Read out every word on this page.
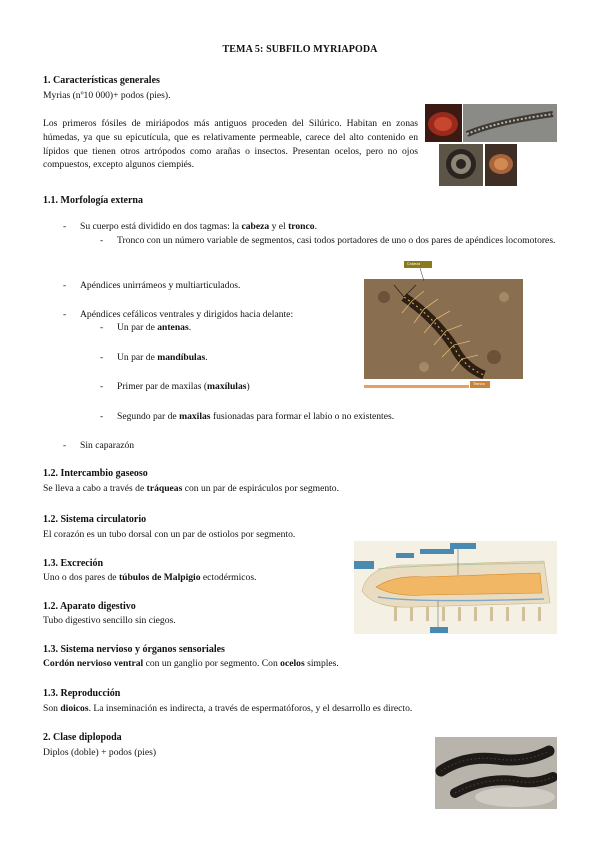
TEMA 5: SUBFILO MYRIAPODA
1. Características generales
Myrias (nº10 000)+ podos (pies).
Los primeros fósiles de miriápodos más antiguos proceden del Silúrico. Habitan en zonas húmedas, ya que su epicutícula, que es relativamente permeable, carece del alto contenido en lípidos que tienen otros artrópodos como arañas o insectos. Presentan ocelos, pero no ojos compuestos, excepto algunos ciempiés.
1.1. Morfología externa
- Su cuerpo está dividido en dos tagmas: la cabeza y el tronco.
- Tronco con un número variable de segmentos, casi todos portadores de uno o dos pares de apéndices locomotores.
- Apéndices unirrámeos y multiarticulados.
- Apéndices cefálicos ventrales y dirigidos hacia delante:
- Un par de antenas.
- Un par de mandíbulas.
- Primer par de maxilas (maxílulas)
- Segundo par de maxilas fusionadas para formar el labio o no existentes.
- Sin caparazón
Cabeza
Tronco
1.2. Intercambio gaseoso
Se lleva a cabo a través de tráqueas con un par de espiráculos por segmento.
1.2. Sistema circulatorio
El corazón es un tubo dorsal con un par de ostiolos por segmento.
1.3. Excreción
Uno o dos pares de túbulos de Malpigio ectodérmicos.
1.2. Aparato digestivo
Tubo digestivo sencillo sin ciegos.
1.3. Sistema nervioso y órganos sensoriales
Cordón nervioso ventral con un ganglio por segmento. Con ocelos simples.
1.3. Reproducción
Son dioicos. La inseminación es indirecta, a través de espermatóforos, y el desarrollo es directo.
2. Clase diplopoda
Diplos (doble) + podos (pies)
